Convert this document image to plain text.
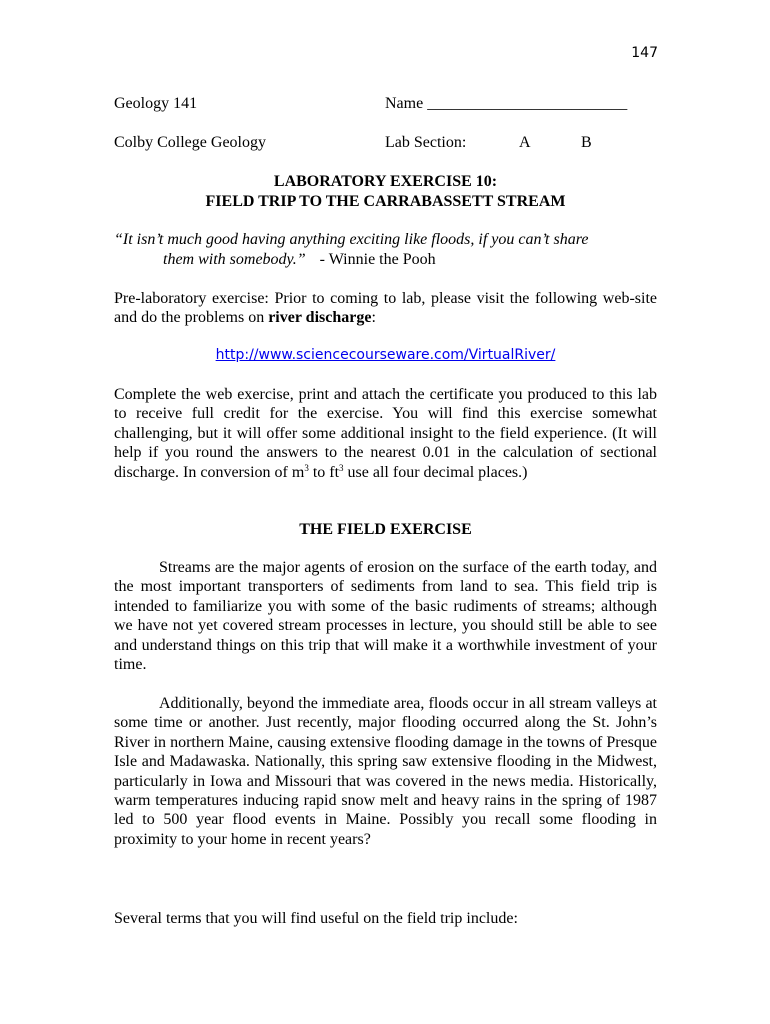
147
Geology 141	Name _________________________
Colby College Geology	Lab Section:	A	B
LABORATORY EXERCISE 10:
FIELD TRIP TO THE CARRABASSETT STREAM
“It isn’t much good having anything exciting like floods, if you can’t share
them with somebody.” - Winnie the Pooh

Pre-laboratory exercise: Prior to coming to lab, please visit the following web-site and do the problems on river discharge:

http://www.sciencecourseware.com/VirtualRiver/

Complete the web exercise, print and attach the certificate you produced to this lab to receive full credit for the exercise. You will find this exercise somewhat challenging, but it will offer some additional insight to the field experience. (It will help if you round the answers to the nearest 0.01 in the calculation of sectional discharge. In conversion of $m^3$ to $ft^3$ use all four decimal places.)

THE FIELD EXERCISE

Streams are the major agents of erosion on the surface of the earth today, and the most important transporters of sediments from land to sea. This field trip is intended to familiarize you with some of the basic rudiments of streams; although we have not yet covered stream processes in lecture, you should still be able to see and understand things on this trip that will make it a worthwhile investment of your time.

Additionally, beyond the immediate area, floods occur in all stream valleys at some time or another. Just recently, major flooding occurred along the St. John’s River in northern Maine, causing extensive flooding damage in the towns of Presque Isle and Madawaska. Nationally, this spring saw extensive flooding in the Midwest, particularly in Iowa and Missouri that was covered in the news media. Historically, warm temperatures inducing rapid snow melt and heavy rains in the spring of 1987 led to 500 year flood events in Maine. Possibly you recall some flooding in proximity to your home in recent years?

Several terms that you will find useful on the field trip include:
